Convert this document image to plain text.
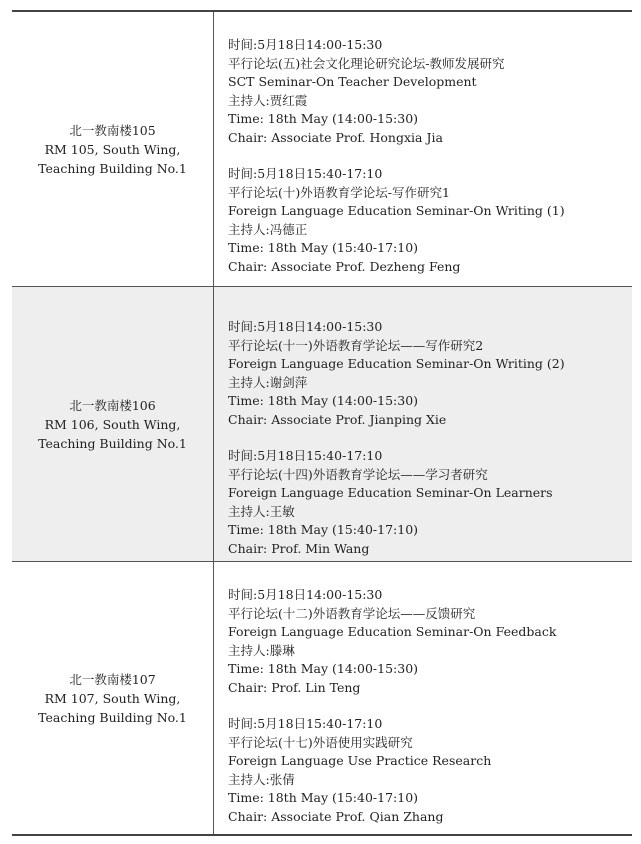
北一教南楼105
RM 105, South Wing,
Teaching Building No.1
时间:5月18日14:00-15:30
平行论坛(五)社会文化理论研究论坛-教师发展研究
SCT Seminar-On Teacher Development
主持人:贾红霞
Time: 18th May (14:00-15:30)
Chair: Associate Prof. Hongxia Jia
时间:5月18日15:40-17:10
平行论坛(十)外语教育学论坛-写作研究1
Foreign Language Education Seminar-On Writing (1)
主持人:冯德正
Time: 18th May (15:40-17:10)
Chair: Associate Prof. Dezheng Feng
北一教南楼106
RM 106, South Wing,
Teaching Building No.1
时间:5月18日14:00-15:30
平行论坛(十一)外语教育学论坛——写作研究2
Foreign Language Education Seminar-On Writing (2)
主持人:谢剑萍
Time: 18th May (14:00-15:30)
Chair: Associate Prof. Jianping Xie
时间:5月18日15:40-17:10
平行论坛(十四)外语教育学论坛——学习者研究
Foreign Language Education Seminar-On Learners
主持人:王敏
Time: 18th May (15:40-17:10)
Chair: Prof. Min Wang
北一教南楼107
RM 107, South Wing,
Teaching Building No.1
时间:5月18日14:00-15:30
平行论坛(十二)外语教育学论坛——反馈研究
Foreign Language Education Seminar-On Feedback
主持人:滕琳
Time: 18th May (14:00-15:30)
Chair: Prof. Lin Teng
时间:5月18日15:40-17:10
平行论坛(十七)外语使用实践研究
Foreign Language Use Practice Research
主持人:张倩
Time: 18th May (15:40-17:10)
Chair: Associate Prof. Qian Zhang
